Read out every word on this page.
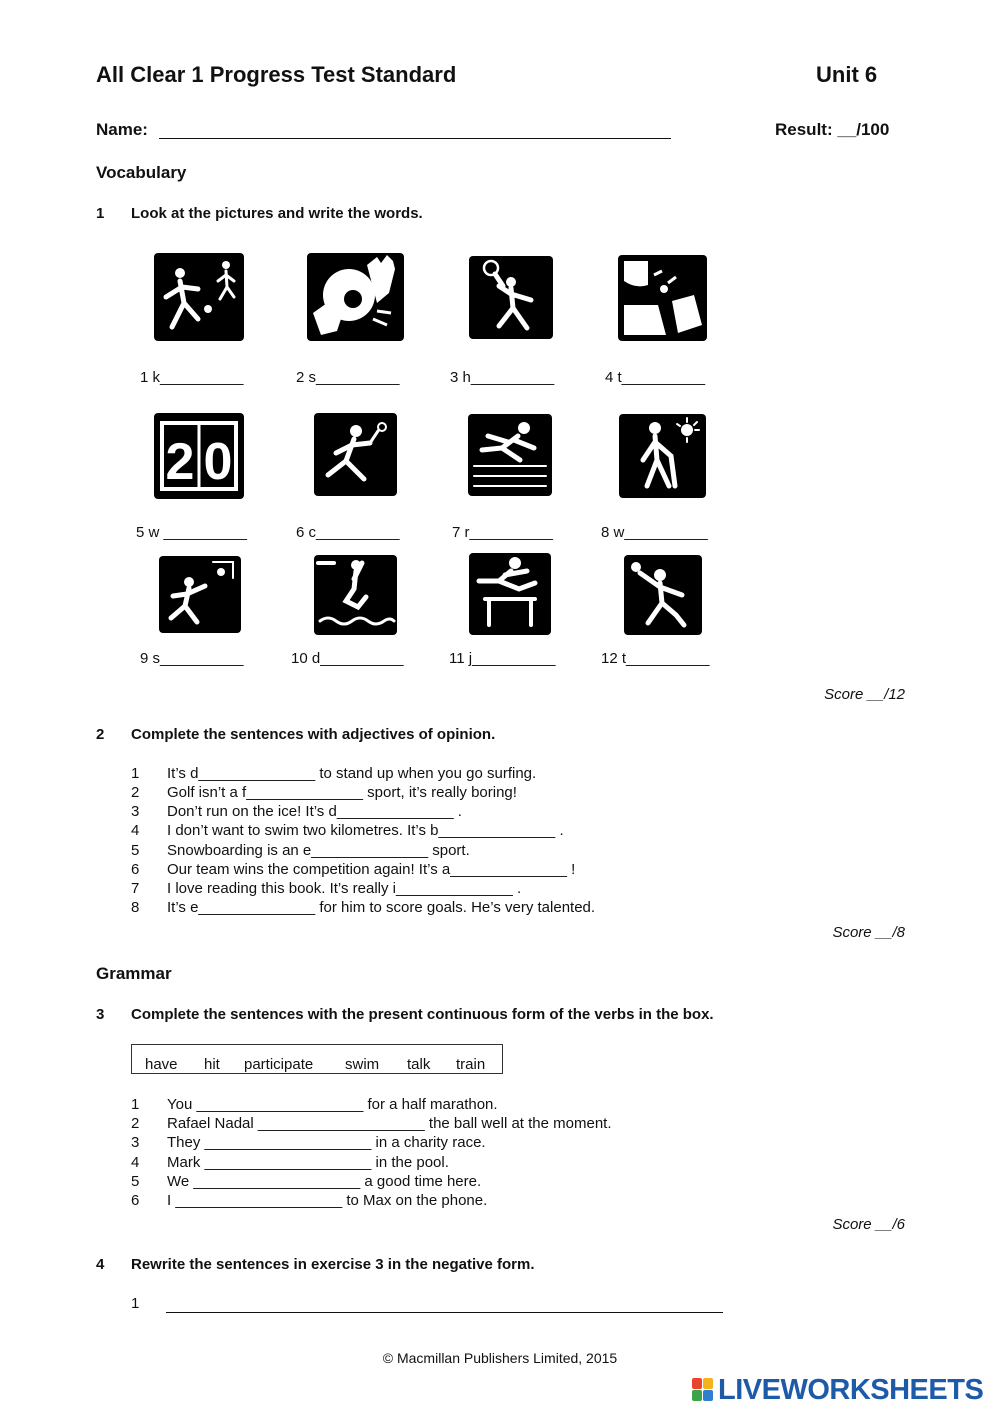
All Clear 1 Progress Test Standard	Unit 6
Name:	Result: __/100
Vocabulary
1 Look at the pictures and write the words.
1 k__________	2 s__________	3 h__________	4 t__________
2 0
5 w __________	6 c__________	7 r__________	8 w__________
9 s__________	10 d__________	11 j__________	12 t__________
Score __/12
2 Complete the sentences with adjectives of opinion.
1 It’s d______________ to stand up when you go surfing.
2 Golf isn’t a f______________ sport, it’s really boring!
3 Don’t run on the ice! It’s d______________ .
4 I don’t want to swim two kilometres. It’s b______________ .
5 Snowboarding is an e______________ sport.
6 Our team wins the competition again! It’s a______________ !
7 I love reading this book. It’s really i______________ .
8 It’s e______________ for him to score goals. He’s very talented.
Score __/8
Grammar
3 Complete the sentences with the present continuous form of the verbs in the box.
have hit participate swim talk train
1 You ____________________ for a half marathon.
2 Rafael Nadal ____________________ the ball well at the moment.
3 They ____________________ in a charity race.
4 Mark ____________________ in the pool.
5 We ____________________ a good time here.
6 I ____________________ to Max on the phone.
Score __/6
4 Rewrite the sentences in exercise 3 in the negative form.
1
© Macmillan Publishers Limited, 2015
LIVEWORKSHEETS
